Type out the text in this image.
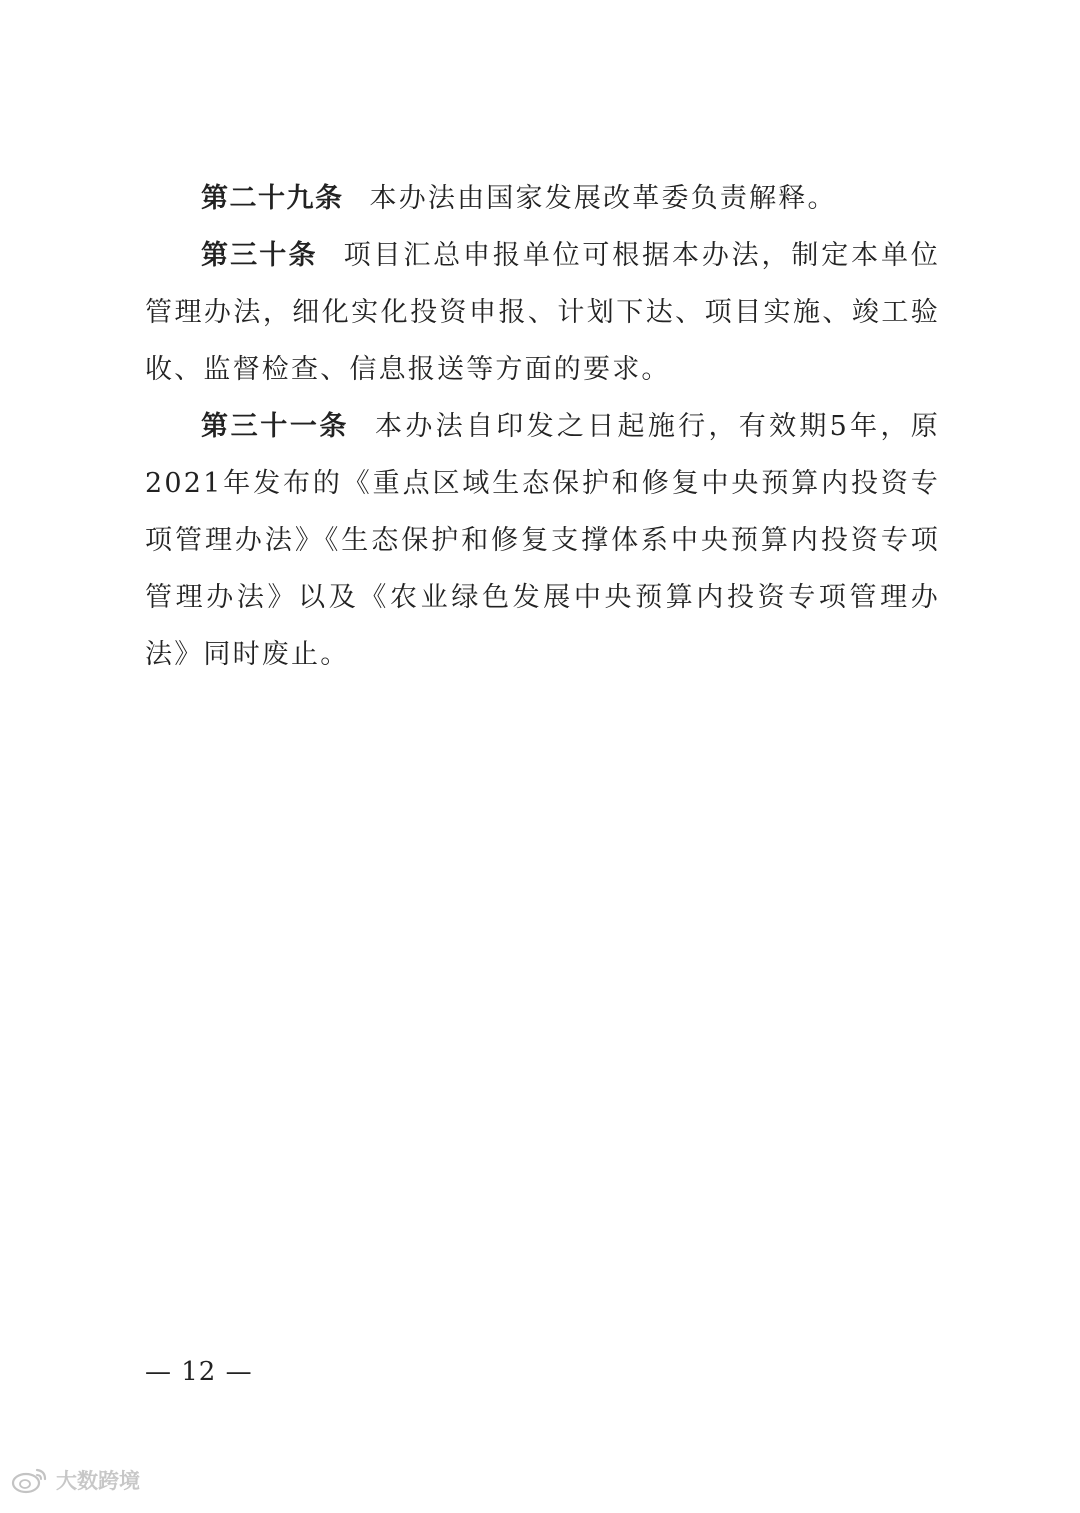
第二十九条 本办法由国家发展改革委负责解释。

第三十条 项目汇总申报单位可根据本办法，制定本单位管理办法，细化实化投资申报、计划下达、项目实施、竣工验收、监督检查、信息报送等方面的要求。

第三十一条 本办法自印发之日起施行，有效期5年，原2021年发布的《重点区域生态保护和修复中央预算内投资专项管理办法》《生态保护和修复支撑体系中央预算内投资专项管理办法》以及《农业绿色发展中央预算内投资专项管理办法》同时废止。

— 12 —
大数跨境
